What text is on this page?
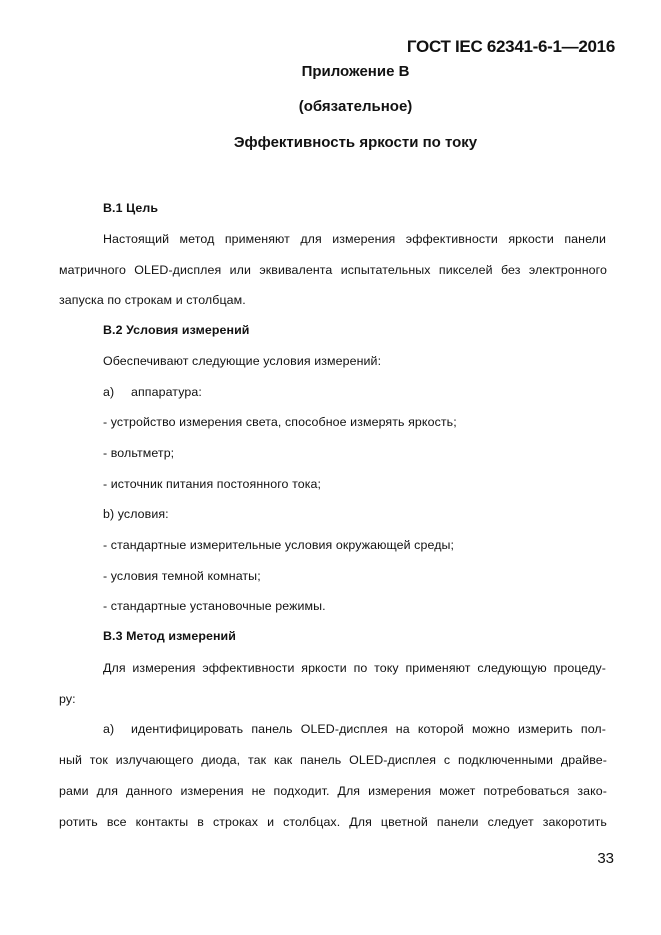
ГОСТ IEC 62341-6-1—2016
Приложение В
(обязательное)
Эффективность яркости по току
В.1 Цель
Настоящий метод применяют для измерения эффективности яркости панели
матричного OLED-дисплея или эквивалента испытательных пикселей без электронного
запуска по строкам и столбцам.
В.2 Условия измерений
Обеспечивают следующие условия измерений:
a) аппаратура:
- устройство измерения света, способное измерять яркость;
- вольтметр;
- источник питания постоянного тока;
b) условия:
- стандартные измерительные условия окружающей среды;
- условия темной комнаты;
- стандартные установочные режимы.
В.3 Метод измерений
Для измерения эффективности яркости по току применяют следующую процеду-
ру:
a) идентифицировать панель OLED-дисплея на которой можно измерить пол-
ный ток излучающего диода, так как панель OLED-дисплея с подключенными драйве-
рами для данного измерения не подходит. Для измерения может потребоваться зако-
ротить все контакты в строках и столбцах. Для цветной панели следует закоротить
33
